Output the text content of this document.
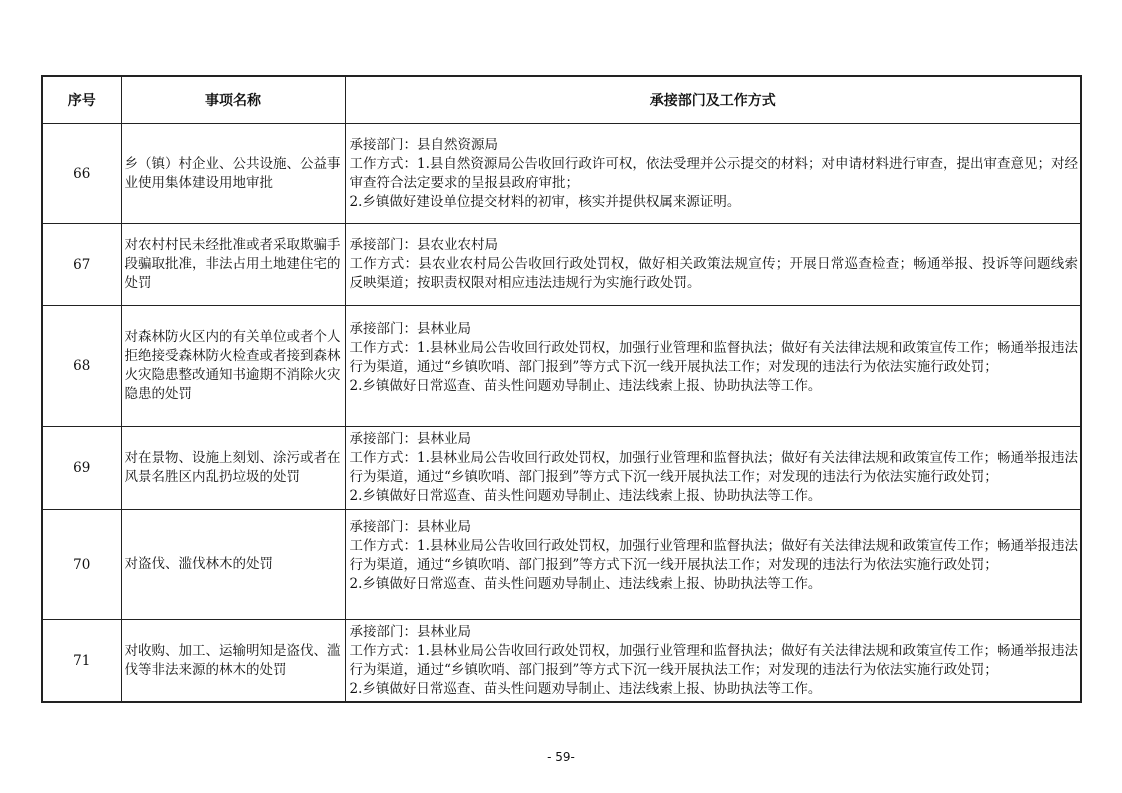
序号	事项名称	承接部门及工作方式
66	乡（镇）村企业、公共设施、公益事业使用集体建设用地审批	承接部门：县自然资源局
工作方式：1.县自然资源局公告收回行政许可权，依法受理并公示提交的材料；对申请材料进行审查，提出审查意见；对经审查符合法定要求的呈报县政府审批；
2.乡镇做好建设单位提交材料的初审，核实并提供权属来源证明。

67	对农村村民未经批准或者采取欺骗手段骗取批准，非法占用土地建住宅的处罚	承接部门：县农业农村局
工作方式：县农业农村局公告收回行政处罚权，做好相关政策法规宣传；开展日常巡查检查；畅通举报、投诉等问题线索反映渠道；按职责权限对相应违法违规行为实施行政处罚。

68	对森林防火区内的有关单位或者个人拒绝接受森林防火检查或者接到森林火灾隐患整改通知书逾期不消除火灾隐患的处罚	承接部门：县林业局
工作方式：1.县林业局公告收回行政处罚权，加强行业管理和监督执法；做好有关法律法规和政策宣传工作；畅通举报违法行为渠道，通过“乡镇吹哨、部门报到”等方式下沉一线开展执法工作；对发现的违法行为依法实施行政处罚；
2.乡镇做好日常巡查、苗头性问题劝导制止、违法线索上报、协助执法等工作。

69	对在景物、设施上刻划、涂污或者在风景名胜区内乱扔垃圾的处罚	承接部门：县林业局
工作方式：1.县林业局公告收回行政处罚权，加强行业管理和监督执法；做好有关法律法规和政策宣传工作；畅通举报违法行为渠道，通过“乡镇吹哨、部门报到”等方式下沉一线开展执法工作；对发现的违法行为依法实施行政处罚；
2.乡镇做好日常巡查、苗头性问题劝导制止、违法线索上报、协助执法等工作。

70	对盗伐、滥伐林木的处罚	承接部门：县林业局
工作方式：1.县林业局公告收回行政处罚权，加强行业管理和监督执法；做好有关法律法规和政策宣传工作；畅通举报违法行为渠道，通过“乡镇吹哨、部门报到”等方式下沉一线开展执法工作；对发现的违法行为依法实施行政处罚；
2.乡镇做好日常巡查、苗头性问题劝导制止、违法线索上报、协助执法等工作。

71	对收购、加工、运输明知是盗伐、滥伐等非法来源的林木的处罚	承接部门：县林业局
工作方式：1.县林业局公告收回行政处罚权，加强行业管理和监督执法；做好有关法律法规和政策宣传工作；畅通举报违法行为渠道，通过“乡镇吹哨、部门报到”等方式下沉一线开展执法工作；对发现的违法行为依法实施行政处罚；
2.乡镇做好日常巡查、苗头性问题劝导制止、违法线索上报、协助执法等工作。
- 59-
